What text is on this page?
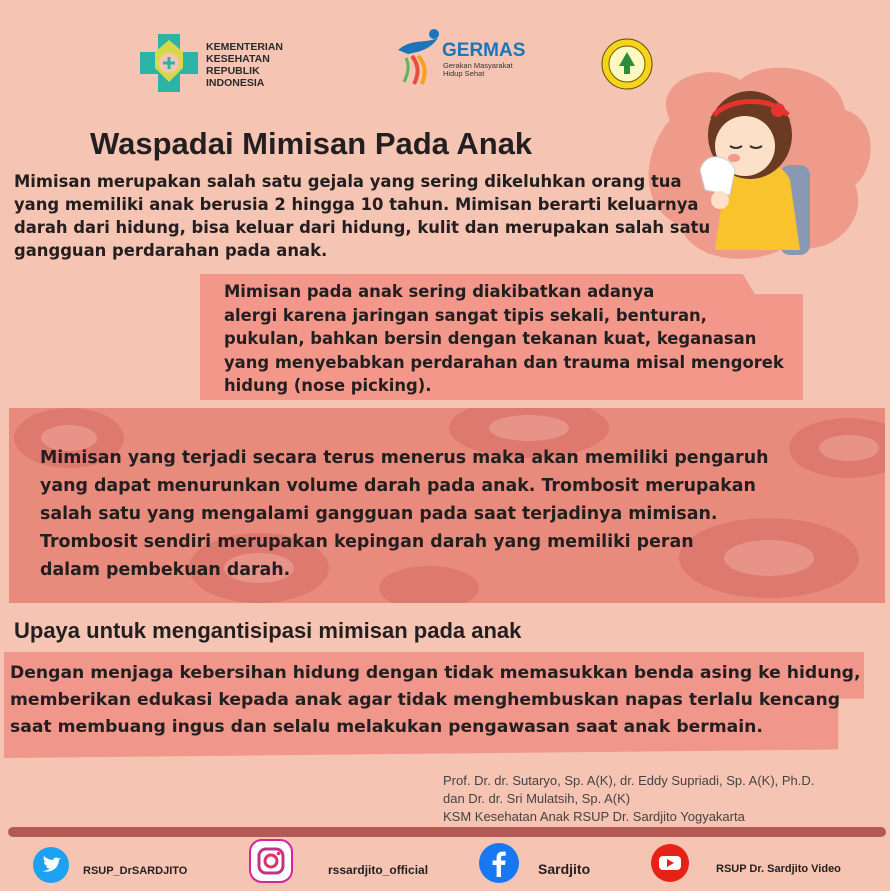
KEMENTERIAN
KESEHATAN
REPUBLIK
INDONESIA
GERMAS
Gerakan Masyarakat
Hidup Sehat
Waspadai Mimisan Pada Anak
Mimisan merupakan salah satu gejala yang sering dikeluhkan orang tua
yang memiliki anak berusia 2 hingga 10 tahun. Mimisan berarti keluarnya
darah dari hidung, bisa keluar dari hidung, kulit dan merupakan salah satu
gangguan perdarahan pada anak.
Mimisan pada anak sering diakibatkan adanya
alergi karena jaringan sangat tipis sekali, benturan,
pukulan, bahkan bersin dengan tekanan kuat, keganasan
yang menyebabkan perdarahan dan trauma misal mengorek
hidung (nose picking).
Mimisan yang terjadi secara terus menerus maka akan memiliki pengaruh
yang dapat menurunkan volume darah pada anak. Trombosit merupakan
salah satu yang mengalami gangguan pada saat terjadinya mimisan.
Trombosit sendiri merupakan kepingan darah yang memiliki peran
dalam pembekuan darah.
Upaya untuk mengantisipasi mimisan pada anak
Dengan menjaga kebersihan hidung dengan tidak memasukkan benda asing ke hidung,
memberikan edukasi kepada anak agar tidak menghembuskan napas terlalu kencang
saat membuang ingus dan selalu melakukan pengawasan saat anak bermain.
Prof. Dr. dr. Sutaryo, Sp. A(K), dr. Eddy Supriadi, Sp. A(K), Ph.D.
dan Dr. dr. Sri Mulatsih, Sp. A(K)
KSM Kesehatan Anak RSUP Dr. Sardjito Yogyakarta
RSUP_DrSARDJITO	rssardjito_official	Sardjito	RSUP Dr. Sardjito Video
